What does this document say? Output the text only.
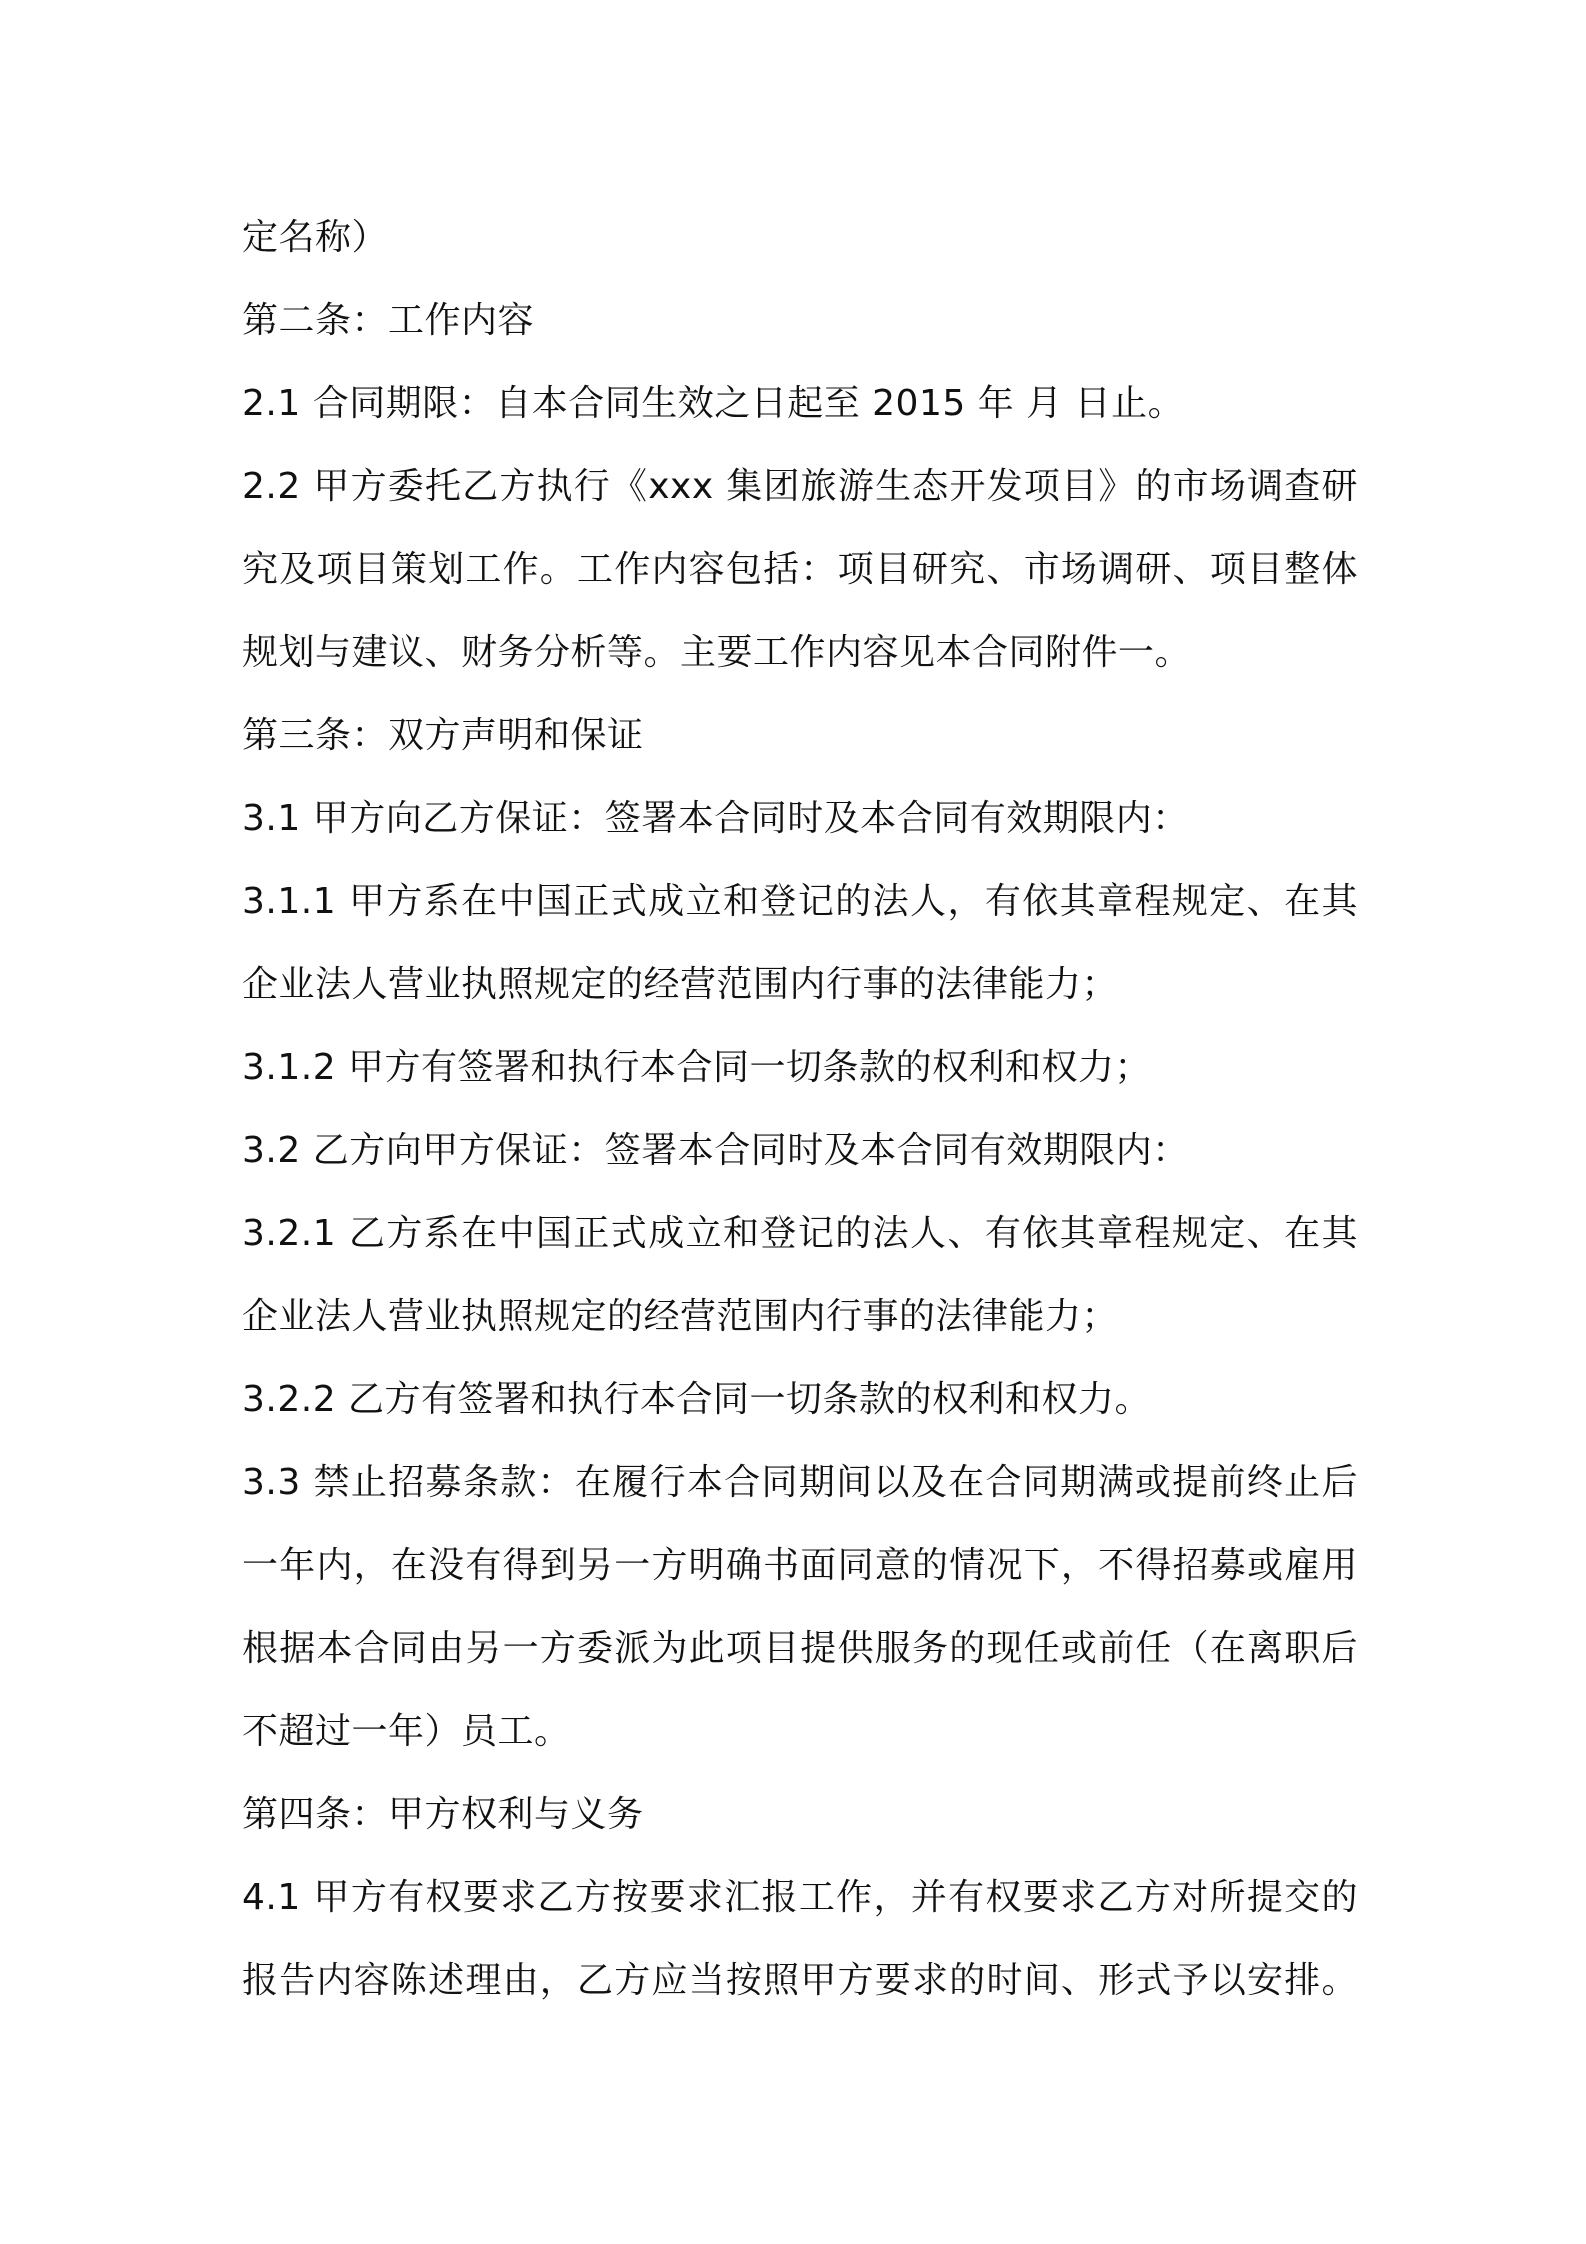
定名称）
第二条：工作内容
2.1 合同期限：自本合同生效之日起至 2015 年 月 日止。
2.2 甲方委托乙方执行《xxx 集团旅游生态开发项目》的市场调查研
究及项目策划工作。工作内容包括：项目研究、市场调研、项目整体
规划与建议、财务分析等。主要工作内容见本合同附件一。
第三条：双方声明和保证
3.1 甲方向乙方保证：签署本合同时及本合同有效期限内：
3.1.1 甲方系在中国正式成立和登记的法人，有依其章程规定、在其
企业法人营业执照规定的经营范围内行事的法律能力；
3.1.2 甲方有签署和执行本合同一切条款的权利和权力；
3.2 乙方向甲方保证：签署本合同时及本合同有效期限内：
3.2.1 乙方系在中国正式成立和登记的法人、有依其章程规定、在其
企业法人营业执照规定的经营范围内行事的法律能力；
3.2.2 乙方有签署和执行本合同一切条款的权利和权力。
3.3 禁止招募条款：在履行本合同期间以及在合同期满或提前终止后
一年内，在没有得到另一方明确书面同意的情况下，不得招募或雇用
根据本合同由另一方委派为此项目提供服务的现任或前任（在离职后
不超过一年）员工。
第四条：甲方权利与义务
4.1 甲方有权要求乙方按要求汇报工作，并有权要求乙方对所提交的
报告内容陈述理由，乙方应当按照甲方要求的时间、形式予以安排。
